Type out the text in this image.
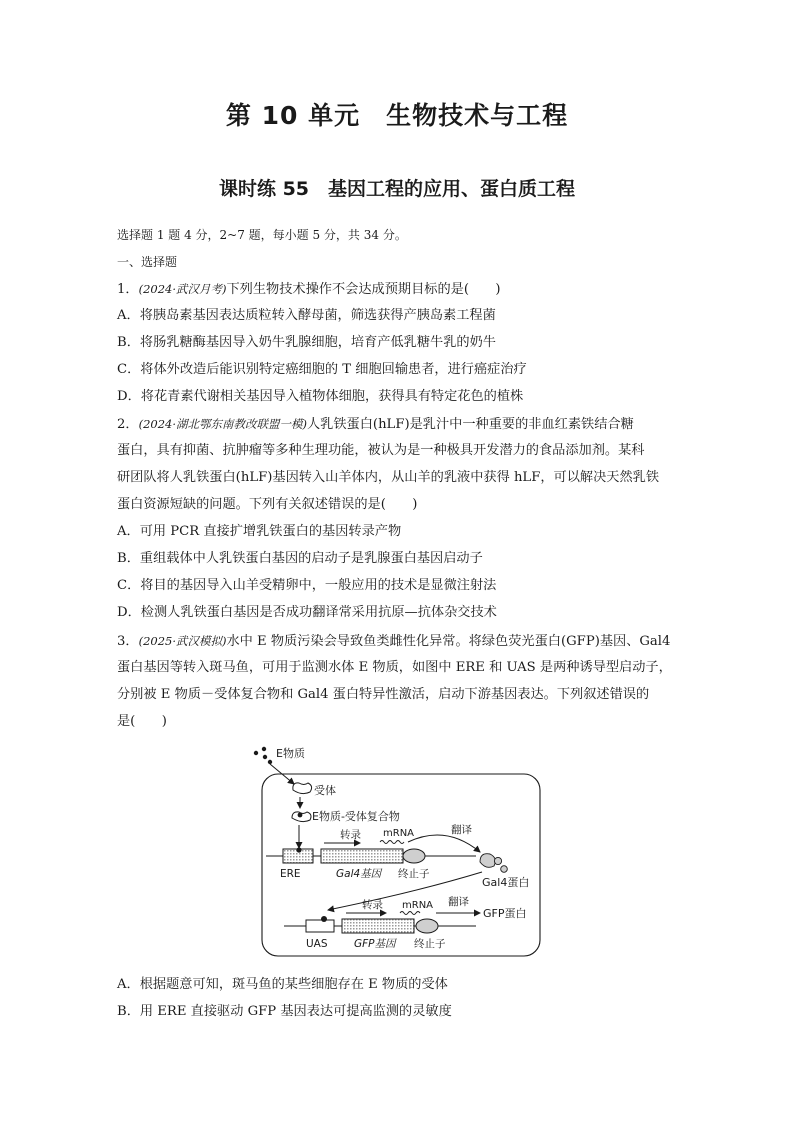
第 10 单元　生物技术与工程
课时练 55　基因工程的应用、蛋白质工程
选择题 1 题 4 分，2~7 题，每小题 5 分，共 34 分。
一、选择题
1．(2024·武汉月考)下列生物技术操作不会达成预期目标的是(　　)
A．将胰岛素基因表达质粒转入酵母菌，筛选获得产胰岛素工程菌
B．将肠乳糖酶基因导入奶牛乳腺细胞，培育产低乳糖牛乳的奶牛
C．将体外改造后能识别特定癌细胞的 T 细胞回输患者，进行癌症治疗
D．将花青素代谢相关基因导入植物体细胞，获得具有特定花色的植株
2．(2024·湖北鄂东南教改联盟一模)人乳铁蛋白(hLF)是乳汁中一种重要的非血红素铁结合糖
蛋白，具有抑菌、抗肿瘤等多种生理功能，被认为是一种极具开发潜力的食品添加剂。某科
研团队将人乳铁蛋白(hLF)基因转入山羊体内，从山羊的乳液中获得 hLF，可以解决天然乳铁
蛋白资源短缺的问题。下列有关叙述错误的是(　　)
A．可用 PCR 直接扩增乳铁蛋白的基因转录产物
B．重组载体中人乳铁蛋白基因的启动子是乳腺蛋白基因启动子
C．将目的基因导入山羊受精卵中，一般应用的技术是显微注射法
D．检测人乳铁蛋白基因是否成功翻译常采用抗原—抗体杂交技术
3．(2025·武汉模拟)水中 E 物质污染会导致鱼类雌性化异常。将绿色荧光蛋白(GFP)基因、Gal4
蛋白基因等转入斑马鱼，可用于监测水体 E 物质，如图中 ERE 和 UAS 是两种诱导型启动子，
分别被 E 物质－受体复合物和 Gal4 蛋白特异性激活，启动下游基因表达。下列叙述错误的
是(　　)
E物质
受体
E物质-受体复合物
ERE	Gal4基因 终止子
转录 mRNA	翻译
Gal4蛋白
UAS	GFP基因 终止子
转录 mRNA 翻译
GFP蛋白
A．根据题意可知，斑马鱼的某些细胞存在 E 物质的受体
B．用 ERE 直接驱动 GFP 基因表达可提高监测的灵敏度
